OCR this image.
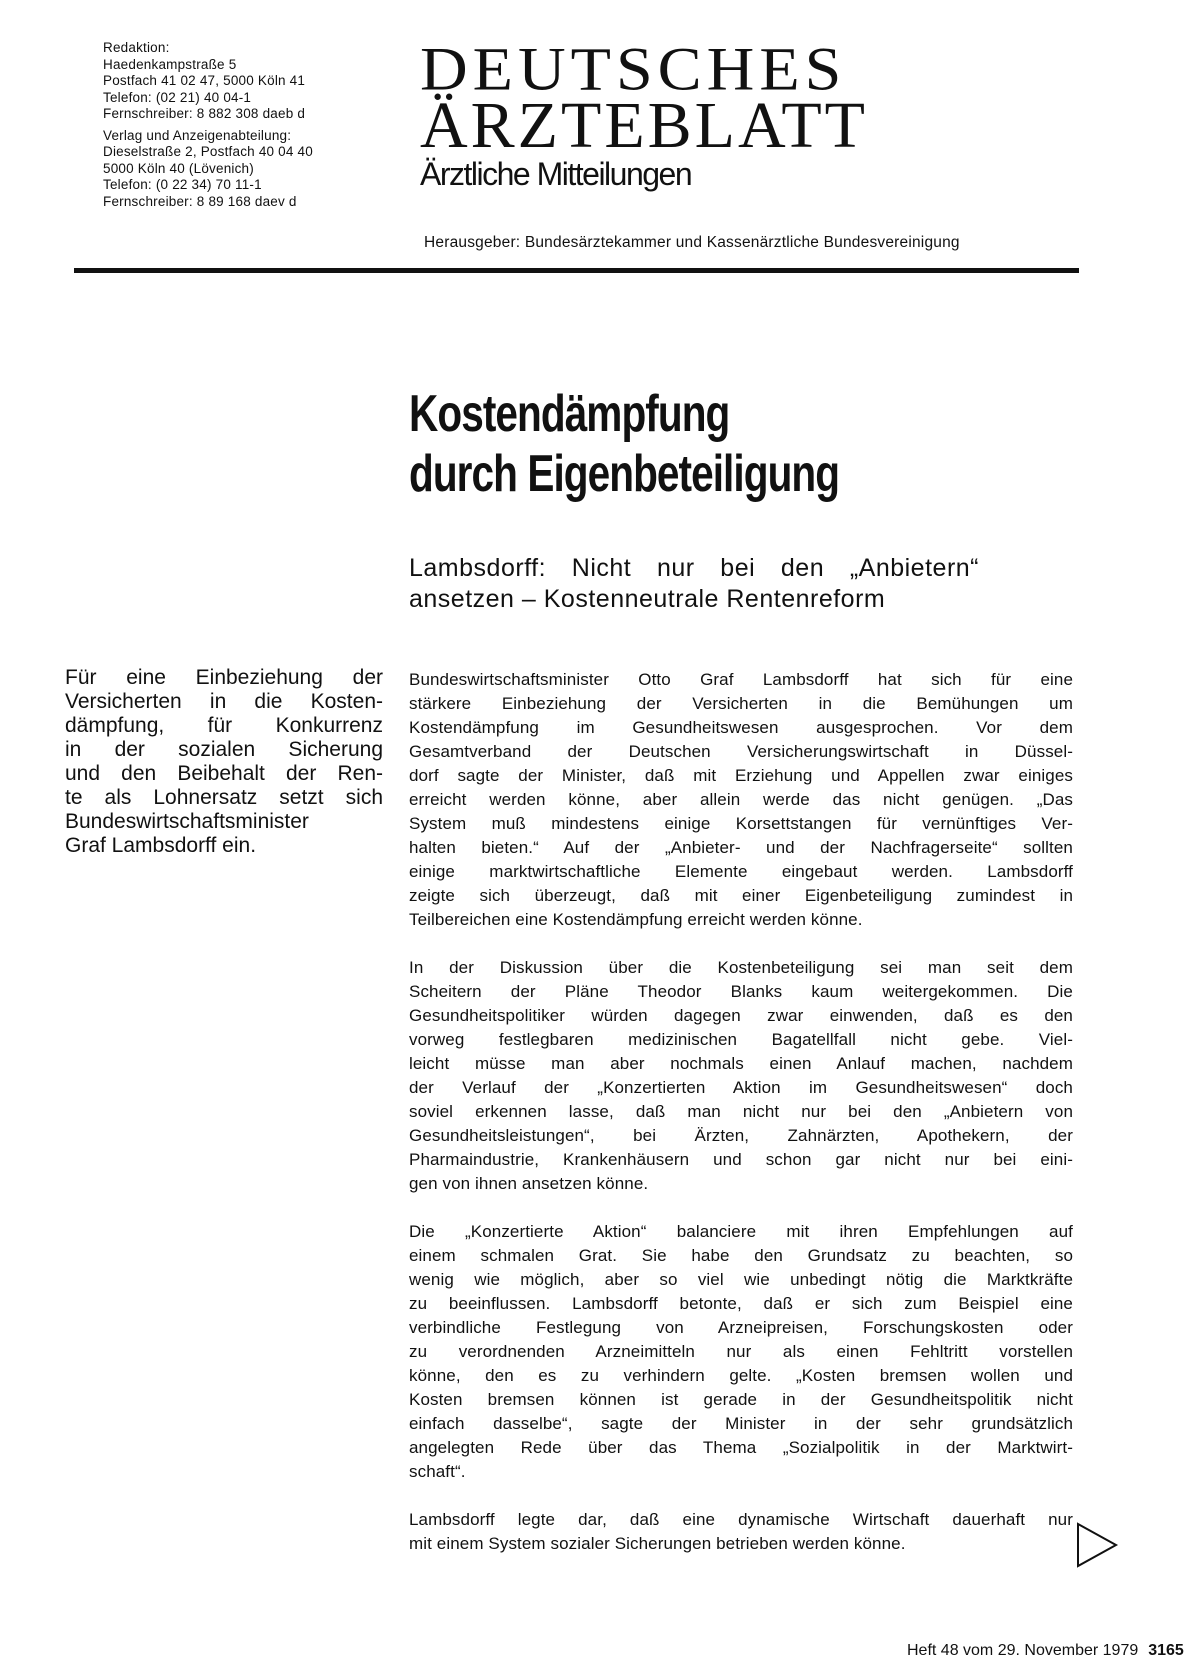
Redaktion:
Haedenkampstraße 5
Postfach 41 02 47, 5000 Köln 41
Telefon: (02 21) 40 04-1
Fernschreiber: 8 882 308 daeb d
Verlag und Anzeigenabteilung:
Dieselstraße 2, Postfach 40 04 40
5000 Köln 40 (Lövenich)
Telefon: (0 22 34) 70 11-1
Fernschreiber: 8 89 168 daev d
DEUTSCHES
ÄRZTEBLATT
Ärztliche Mitteilungen
Herausgeber: Bundesärztekammer und Kassenärztliche Bundesvereinigung
Kostendämpfung
durch Eigenbeteiligung
Lambsdorff: Nicht nur bei den „Anbietern“
ansetzen – Kostenneutrale Rentenreform
Für eine Einbeziehung der
Versicherten in die Kosten-
dämpfung, für Konkurrenz
in der sozialen Sicherung
und den Beibehalt der Ren-
te als Lohnersatz setzt sich
Bundeswirtschaftsminister
Graf Lambsdorff ein.
Bundeswirtschaftsminister Otto Graf Lambsdorff hat sich für eine
stärkere Einbeziehung der Versicherten in die Bemühungen um
Kostendämpfung im Gesundheitswesen ausgesprochen. Vor dem
Gesamtverband der Deutschen Versicherungswirtschaft in Düssel-
dorf sagte der Minister, daß mit Erziehung und Appellen zwar einiges
erreicht werden könne, aber allein werde das nicht genügen. „Das
System muß mindestens einige Korsettstangen für vernünftiges Ver-
halten bieten.“ Auf der „Anbieter- und der Nachfragerseite“ sollten
einige marktwirtschaftliche Elemente eingebaut werden. Lambsdorff
zeigte sich überzeugt, daß mit einer Eigenbeteiligung zumindest in
Teilbereichen eine Kostendämpfung erreicht werden könne.
In der Diskussion über die Kostenbeteiligung sei man seit dem
Scheitern der Pläne Theodor Blanks kaum weitergekommen. Die
Gesundheitspolitiker würden dagegen zwar einwenden, daß es den
vorweg festlegbaren medizinischen Bagatellfall nicht gebe. Viel-
leicht müsse man aber nochmals einen Anlauf machen, nachdem
der Verlauf der „Konzertierten Aktion im Gesundheitswesen“ doch
soviel erkennen lasse, daß man nicht nur bei den „Anbietern von
Gesundheitsleistungen“, bei Ärzten, Zahnärzten, Apothekern, der
Pharmaindustrie, Krankenhäusern und schon gar nicht nur bei eini-
gen von ihnen ansetzen könne.
Die „Konzertierte Aktion“ balanciere mit ihren Empfehlungen auf
einem schmalen Grat. Sie habe den Grundsatz zu beachten, so
wenig wie möglich, aber so viel wie unbedingt nötig die Marktkräfte
zu beeinflussen. Lambsdorff betonte, daß er sich zum Beispiel eine
verbindliche Festlegung von Arzneipreisen, Forschungskosten oder
zu verordnenden Arzneimitteln nur als einen Fehltritt vorstellen
könne, den es zu verhindern gelte. „Kosten bremsen wollen und
Kosten bremsen können ist gerade in der Gesundheitspolitik nicht
einfach dasselbe“, sagte der Minister in der sehr grundsätzlich
angelegten Rede über das Thema „Sozialpolitik in der Marktwirt-
schaft“.
Lambsdorff legte dar, daß eine dynamische Wirtschaft dauerhaft nur
mit einem System sozialer Sicherungen betrieben werden könne.
Heft 48 vom 29. November 1979 3165
